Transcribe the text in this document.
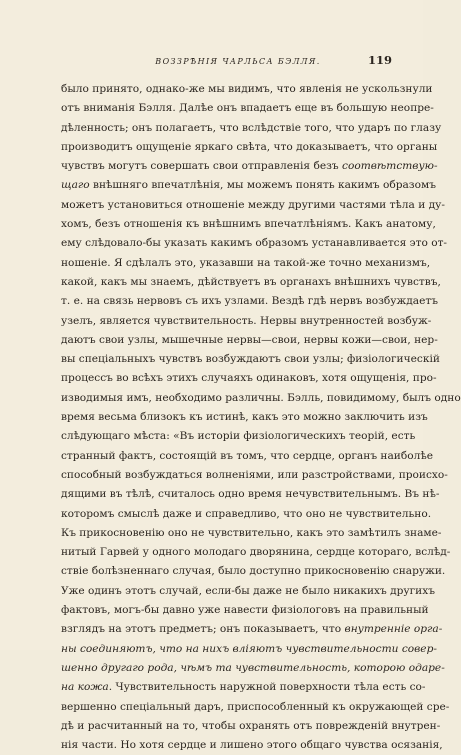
ВОЗЗРѢНІЯ ЧАРЛЬСА БЭЛЛЯ.	119
было принято, однако-же мы видимъ, что явленія не ускользнули
отъ вниманія Бэлля. Далѣе онъ впадаетъ еще въ большую неопре-
дѣленность; онъ полагаетъ, что вслѣдствіе того, что ударъ по глазу
производитъ ощущеніе яркаго свѣта, что доказываетъ, что органы
чувствъ могутъ совершать свои отправленія безъ соотвѣтствую-
щаго внѣшняго впечатлѣнія, мы можемъ понять какимъ образомъ
можетъ установиться отношеніе между другими частями тѣла и ду-
хомъ, безъ отношенія къ внѣшнимъ впечатлѣніямъ. Какъ анатому,
ему слѣдовало-бы указать какимъ образомъ устанавливается это от-
ношеніе. Я сдѣлалъ это, указавши на такой-же точно механизмъ,
какой, какъ мы знаемъ, дѣйствуетъ въ органахъ внѣшнихъ чувствъ,
т. е. на связь нервовъ съ ихъ узлами. Вездѣ гдѣ нервъ возбуждаетъ
узелъ, является чувствительность. Нервы внутренностей возбуж-
даютъ свои узлы, мышечные нервы—свои, нервы кожи—свои, нер-
вы спеціальныхъ чувствъ возбуждаютъ свои узлы; физіологическій
процессъ во всѣхъ этихъ случаяхъ одинаковъ, хотя ощущенія, про-
изводимыя имъ, необходимо различны. Бэлль, повидимому, былъ одно
время весьма близокъ къ истинѣ, какъ это можно заключить изъ
слѣдующаго мѣста: «Въ исторіи физіологическихъ теорій, есть
странный фактъ, состоящій въ томъ, что сердце, органъ наиболѣе
способный возбуждаться волненіями, или разстройствами, происхо-
дящими въ тѣлѣ, считалось одно время нечувствительнымъ. Въ нѣ-
которомъ смыслѣ даже и справедливо, что оно не чувствительно.
Къ прикосновенію оно не чувствительно, какъ это замѣтилъ знаме-
нитый Гарвей у одного молодаго дворянина, сердце котораго, вслѣд-
ствіе болѣзненнаго случая, было доступно прикосновенію снаружи.
Уже одинъ этотъ случай, если-бы даже не было никакихъ другихъ
фактовъ, могъ-бы давно уже навести физіологовъ на правильный
взглядъ на этотъ предметъ; онъ показываетъ, что внутренніе орга-
ны соединяютъ, что на нихъ вліяютъ чувствительности совер-
шенно другаго рода, чѣмъ та чувствительность, которою одаре-
на кожа. Чувствительность наружной поверхности тѣла есть со-
вершенно спеціальный даръ, приспособленный къ окружающей сре-
дѣ и расчитанный на то, чтобы охранять отъ поврежденій внутрен-
нія части. Но хотя сердце и лишено этого общаго чувства осязанія,
